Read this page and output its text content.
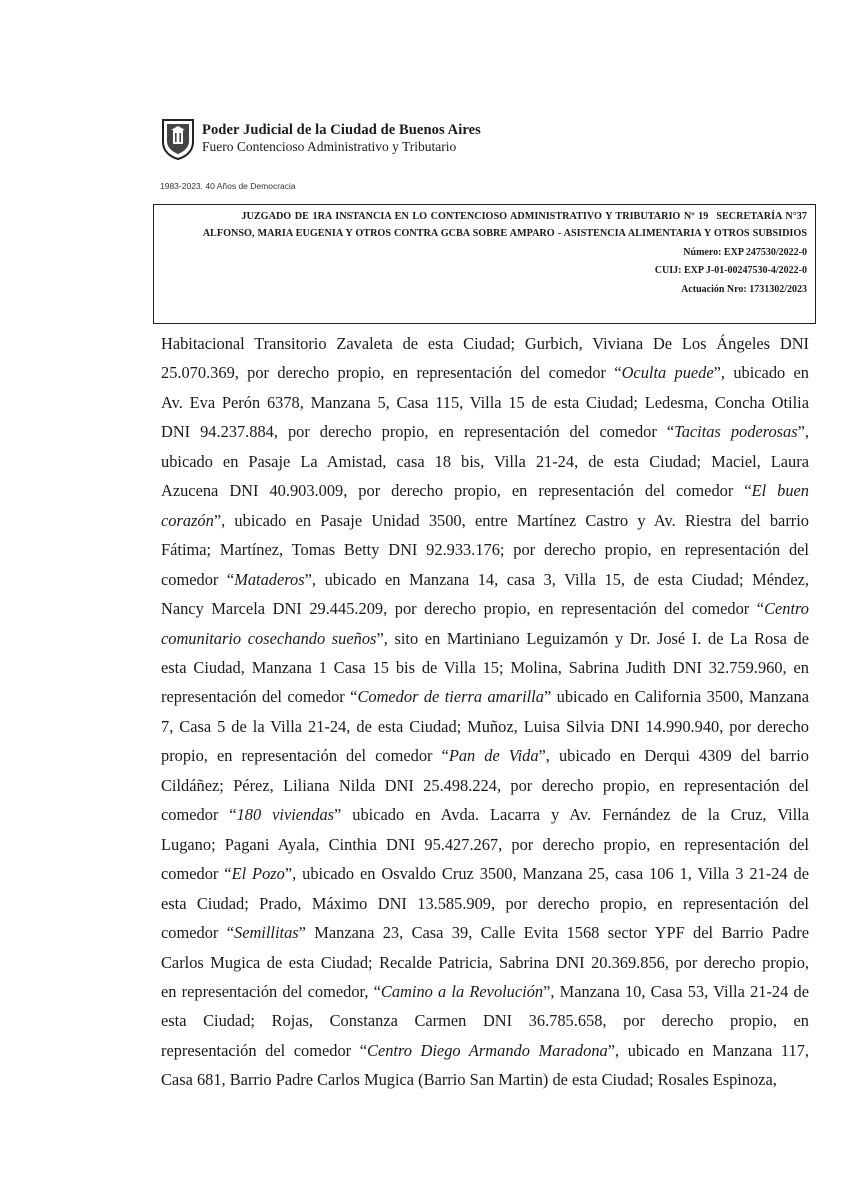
Poder Judicial de la Ciudad de Buenos Aires
Fuero Contencioso Administrativo y Tributario
1983-2023. 40 Años de Democracia
JUZGADO DE 1RA INSTANCIA EN LO CONTENCIOSO ADMINISTRATIVO Y TRIBUTARIO Nº 19 SECRETARÍA N°37
ALFONSO, MARIA EUGENIA Y OTROS CONTRA GCBA SOBRE AMPARO - ASISTENCIA ALIMENTARIA Y OTROS SUBSIDIOS
Número: EXP 247530/2022-0
CUIJ: EXP J-01-00247530-4/2022-0
Actuación Nro: 1731302/2023
Habitacional Transitorio Zavaleta de esta Ciudad; Gurbich, Viviana De Los Ángeles DNI
25.070.369, por derecho propio, en representación del comedor “Oculta puede”, ubicado en
Av. Eva Perón 6378, Manzana 5, Casa 115, Villa 15 de esta Ciudad; Ledesma, Concha Otilia
DNI 94.237.884, por derecho propio, en representación del comedor “Tacitas poderosas”,
ubicado en Pasaje La Amistad, casa 18 bis, Villa 21-24, de esta Ciudad; Maciel, Laura
Azucena DNI 40.903.009, por derecho propio, en representación del comedor “El buen
corazón”, ubicado en Pasaje Unidad 3500, entre Martínez Castro y Av. Riestra del barrio
Fátima; Martínez, Tomas Betty DNI 92.933.176; por derecho propio, en representación del
comedor “Mataderos”, ubicado en Manzana 14, casa 3, Villa 15, de esta Ciudad; Méndez,
Nancy Marcela DNI 29.445.209, por derecho propio, en representación del comedor “Centro
comunitario cosechando sueños”, sito en Martiniano Leguizamón y Dr. José I. de La Rosa de
esta Ciudad, Manzana 1 Casa 15 bis de Villa 15; Molina, Sabrina Judith DNI 32.759.960, en
representación del comedor “Comedor de tierra amarilla” ubicado en California 3500, Manzana
7, Casa 5 de la Villa 21-24, de esta Ciudad; Muñoz, Luisa Silvia DNI 14.990.940, por derecho
propio, en representación del comedor “Pan de Vida”, ubicado en Derqui 4309 del barrio
Cildáñez; Pérez, Liliana Nilda DNI 25.498.224, por derecho propio, en representación del
comedor “180 viviendas” ubicado en Avda. Lacarra y Av. Fernández de la Cruz, Villa
Lugano; Pagani Ayala, Cinthia DNI 95.427.267, por derecho propio, en representación del
comedor “El Pozo”, ubicado en Osvaldo Cruz 3500, Manzana 25, casa 106 1, Villa 3 21-24 de
esta Ciudad; Prado, Máximo DNI 13.585.909, por derecho propio, en representación del
comedor “Semillitas” Manzana 23, Casa 39, Calle Evita 1568 sector YPF del Barrio Padre
Carlos Mugica de esta Ciudad; Recalde Patricia, Sabrina DNI 20.369.856, por derecho propio,
en representación del comedor, “Camino a la Revolución”, Manzana 10, Casa 53, Villa 21-24 de
esta Ciudad; Rojas, Constanza Carmen DNI 36.785.658, por derecho propio, en
representación del comedor “Centro Diego Armando Maradona”, ubicado en Manzana 117,
Casa 681, Barrio Padre Carlos Mugica (Barrio San Martin) de esta Ciudad; Rosales Espinoza,
